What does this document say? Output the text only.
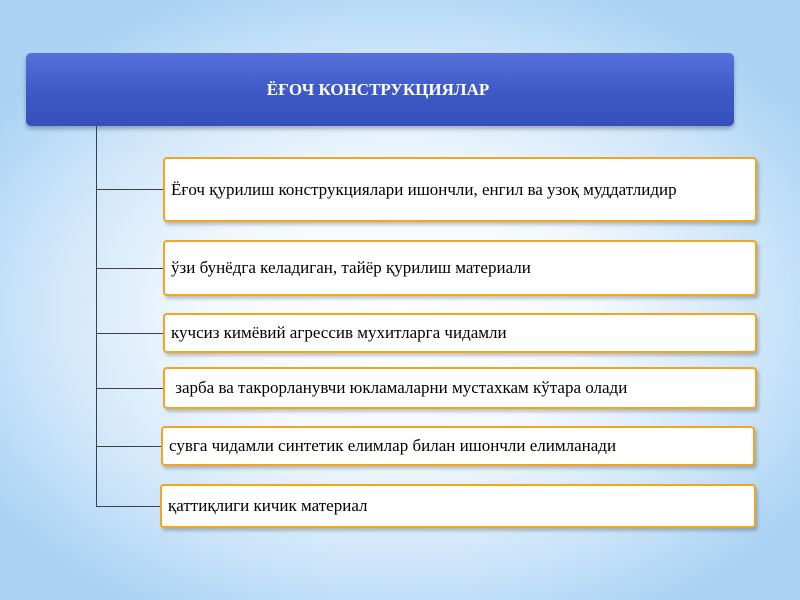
ЁҒОЧ КОНСТРУКЦИЯЛАР
Ёғоч қурилиш конструкциялари ишончли, енгил ва узоқ муддатлидир
ўзи бунёдга келадиган, тайёр қурилиш материали
кучсиз кимёвий агрессив мухитларга чидамли
зарба ва такрорланувчи юкламаларни мустахкам кўтара олади
сувга чидамли синтетик елимлар билан ишончли елимланади
қаттиқлиги кичик материал
